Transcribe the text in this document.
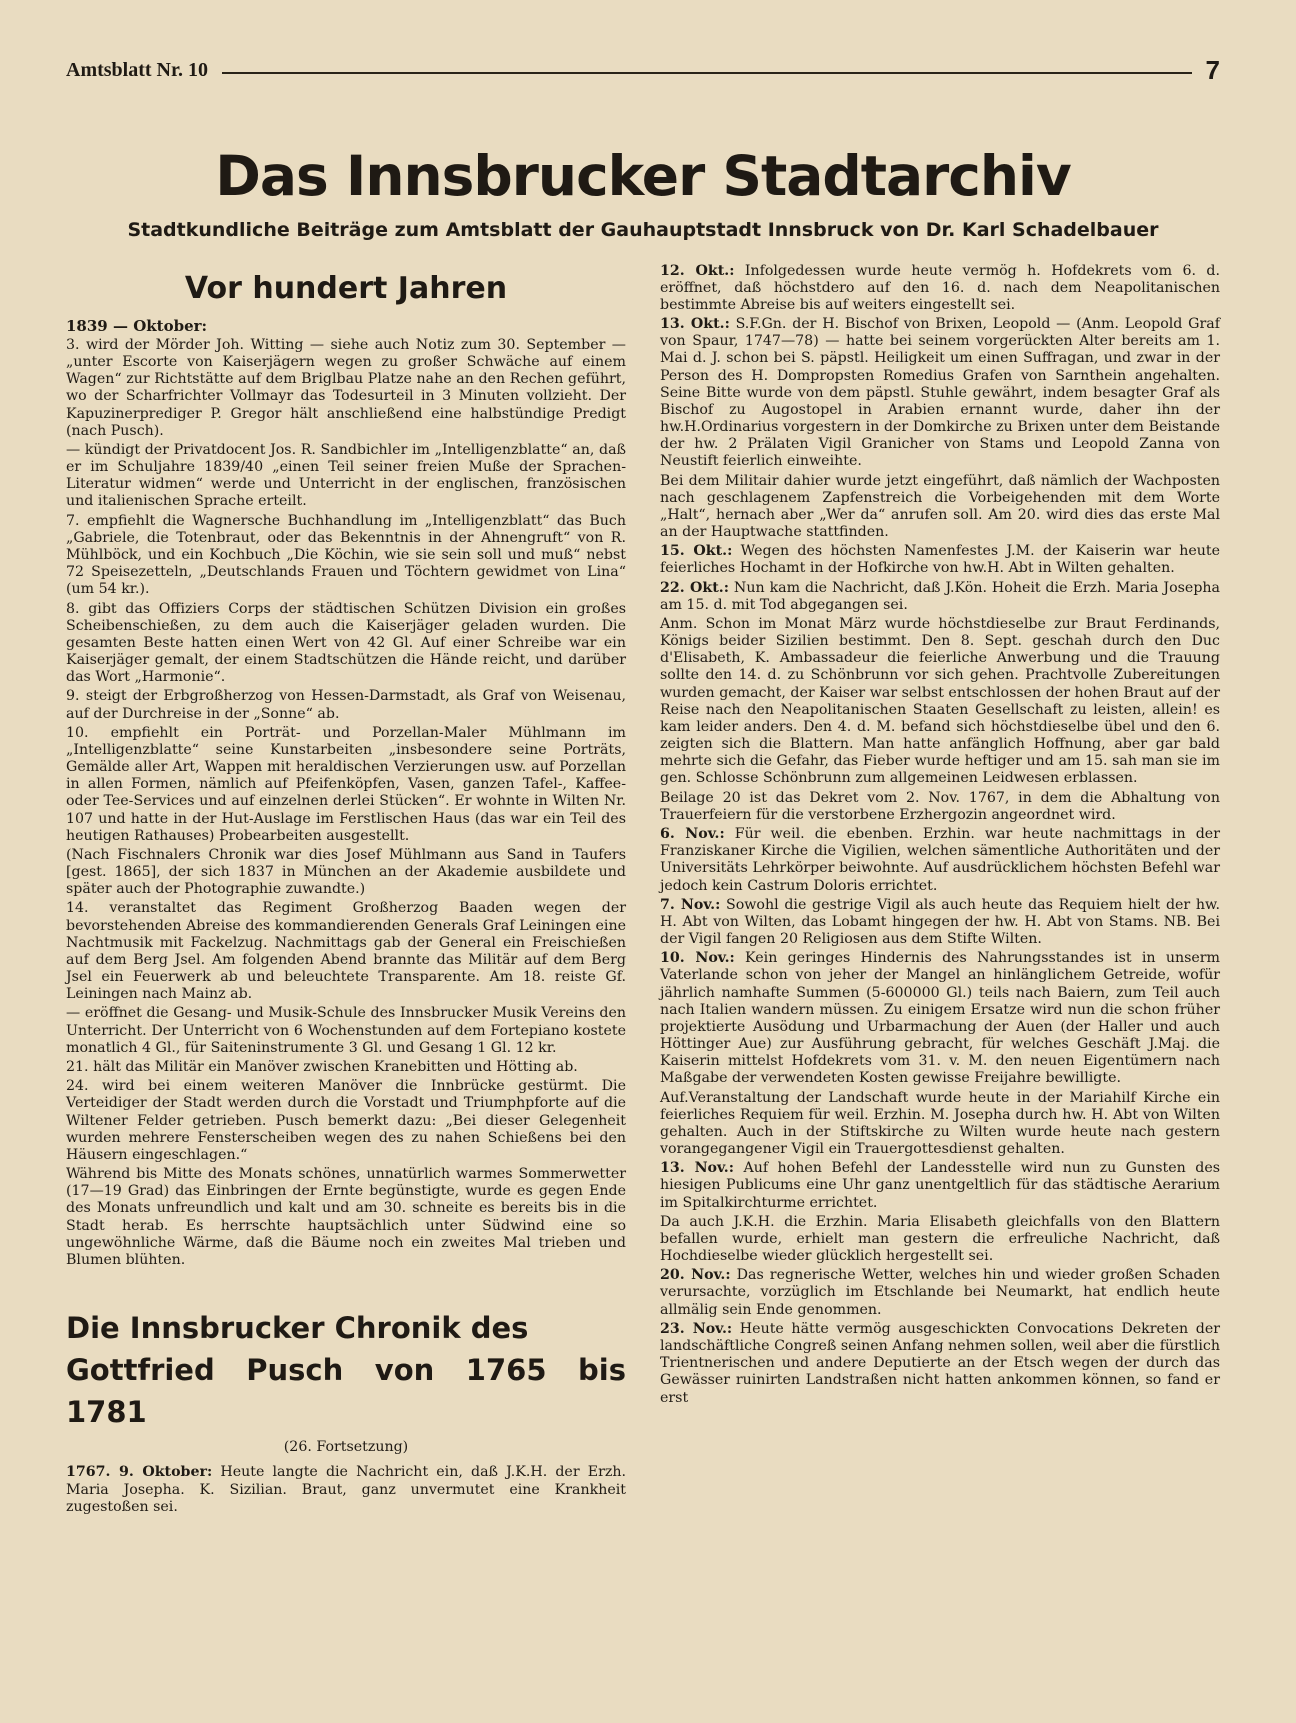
Amtsblatt Nr. 10	7
Das Innsbrucker Stadtarchiv
Stadtkundliche Beiträge zum Amtsblatt der Gauhauptstadt Innsbruck von Dr. Karl Schadelbauer
Vor hundert Jahren
1839 — Oktober:

3. wird der Mörder Joh. Witting — siehe auch Notiz zum 30. September — „unter Escorte von Kaiserjägern wegen zu großer Schwäche auf einem Wagen“ zur Richtstätte auf dem Briglbau Platze nahe an den Rechen geführt, wo der Scharfrichter Vollmayr das Todesurteil in 3 Minuten vollzieht. Der Kapuzinerprediger P. Gregor hält anschließend eine halbstündige Predigt (nach Pusch).

— kündigt der Privatdocent Jos. R. Sandbichler im „Intelligenzblatte“ an, daß er im Schuljahre 1839/40 „einen Teil seiner freien Muße der Sprachen-Literatur widmen“ werde und Unterricht in der englischen, französischen und italienischen Sprache erteilt.

7. empfiehlt die Wagnersche Buchhandlung im „Intelligenzblatt“ das Buch „Gabriele, die Totenbraut, oder das Bekenntnis in der Ahnengruft“ von R. Mühlböck, und ein Kochbuch „Die Köchin, wie sie sein soll und muß“ nebst 72 Speisezetteln, „Deutschlands Frauen und Töchtern gewidmet von Lina“ (um 54 kr.).

8. gibt das Offiziers Corps der städtischen Schützen Division ein großes Scheibenschießen, zu dem auch die Kaiserjäger geladen wurden. Die gesamten Beste hatten einen Wert von 42 Gl. Auf einer Schreibe war ein Kaiserjäger gemalt, der einem Stadtschützen die Hände reicht, und darüber das Wort „Harmonie“.

9. steigt der Erbgroßherzog von Hessen-Darmstadt, als Graf von Weisenau, auf der Durchreise in der „Sonne“ ab.

10. empfiehlt ein Porträt- und Porzellan-Maler Mühlmann im „Intelligenzblatte“ seine Kunstarbeiten „insbesondere seine Porträts, Gemälde aller Art, Wappen mit heraldischen Verzierungen usw. auf Porzellan in allen Formen, nämlich auf Pfeifenköpfen, Vasen, ganzen Tafel-, Kaffee- oder Tee-Services und auf einzelnen derlei Stücken“. Er wohnte in Wilten Nr. 107 und hatte in der Hut-Auslage im Ferstlischen Haus (das war ein Teil des heutigen Rathauses) Probearbeiten ausgestellt.

(Nach Fischnalers Chronik war dies Josef Mühlmann aus Sand in Taufers [gest. 1865], der sich 1837 in München an der Akademie ausbildete und später auch der Photographie zuwandte.)

14. veranstaltet das Regiment Großherzog Baaden wegen der bevorstehenden Abreise des kommandierenden Generals Graf Leiningen eine Nachtmusik mit Fackelzug. Nachmittags gab der General ein Freischießen auf dem Berg Jsel. Am folgenden Abend brannte das Militär auf dem Berg Jsel ein Feuerwerk ab und beleuchtete Transparente. Am 18. reiste Gf. Leiningen nach Mainz ab.

— eröffnet die Gesang- und Musik-Schule des Innsbrucker Musik Vereins den Unterricht. Der Unterricht von 6 Wochenstunden auf dem Fortepiano kostete monatlich 4 Gl., für Saiteninstrumente 3 Gl. und Gesang 1 Gl. 12 kr.

21. hält das Militär ein Manöver zwischen Kranebitten und Hötting ab.

24. wird bei einem weiteren Manöver die Innbrücke gestürmt. Die Verteidiger der Stadt werden durch die Vorstadt und Triumphpforte auf die Wiltener Felder getrieben. Pusch bemerkt dazu: „Bei dieser Gelegenheit wurden mehrere Fensterscheiben wegen des zu nahen Schießens bei den Häusern eingeschlagen.“

Während bis Mitte des Monats schönes, unnatürlich warmes Sommerwetter (17—19 Grad) das Einbringen der Ernte begünstigte, wurde es gegen Ende des Monats unfreundlich und kalt und am 30. schneite es bereits bis in die Stadt herab. Es herrschte hauptsächlich unter Südwind eine so ungewöhnliche Wärme, daß die Bäume noch ein zweites Mal trieben und Blumen blühten.

Die Innsbrucker Chronik des
Gottfried Pusch von 1765 bis 1781

(26. Fortsetzung)

1767. 9. Oktober: Heute langte die Nachricht ein, daß J.K.H. der Erzh. Maria Josepha. K. Sizilian. Braut, ganz unvermutet eine Krankheit zugestoßen sei.

12. Okt.: Infolgedessen wurde heute vermög h. Hofdekrets vom 6. d. eröffnet, daß höchstdero auf den 16. d. nach dem Neapolitanischen bestimmte Abreise bis auf weiters eingestellt sei.

13. Okt.: S.F.Gn. der H. Bischof von Brixen, Leopold — (Anm. Leopold Graf von Spaur, 1747—78) — hatte bei seinem vorgerückten Alter bereits am 1. Mai d. J. schon bei S. päpstl. Heiligkeit um einen Suffragan, und zwar in der Person des H. Dompropsten Romedius Grafen von Sarnthein angehalten. Seine Bitte wurde von dem päpstl. Stuhle gewährt, indem besagter Graf als Bischof zu Augostopel in Arabien ernannt wurde, daher ihn der hw.H.Ordinarius vorgestern in der Domkirche zu Brixen unter dem Beistande der hw. 2 Prälaten Vigil Granicher von Stams und Leopold Zanna von Neustift feierlich einweihte.

Bei dem Militair dahier wurde jetzt eingeführt, daß nämlich der Wachposten nach geschlagenem Zapfenstreich die Vorbeigehenden mit dem Worte „Halt“, hernach aber „Wer da“ anrufen soll. Am 20. wird dies das erste Mal an der Hauptwache stattfinden.

15. Okt.: Wegen des höchsten Namenfestes J.M. der Kaiserin war heute feierliches Hochamt in der Hofkirche von hw.H. Abt in Wilten gehalten.

22. Okt.: Nun kam die Nachricht, daß J.Kön. Hoheit die Erzh. Maria Josepha am 15. d. mit Tod abgegangen sei.

Anm. Schon im Monat März wurde höchstdieselbe zur Braut Ferdinands, Königs beider Sizilien bestimmt. Den 8. Sept. geschah durch den Duc d'Elisabeth, K. Ambassadeur die feierliche Anwerbung und die Trauung sollte den 14. d. zu Schönbrunn vor sich gehen. Prachtvolle Zubereitungen wurden gemacht, der Kaiser war selbst entschlossen der hohen Braut auf der Reise nach den Neapolitanischen Staaten Gesellschaft zu leisten, allein! es kam leider anders. Den 4. d. M. befand sich höchstdieselbe übel und den 6. zeigten sich die Blattern. Man hatte anfänglich Hoffnung, aber gar bald mehrte sich die Gefahr, das Fieber wurde heftiger und am 15. sah man sie im gen. Schlosse Schönbrunn zum allgemeinen Leidwesen erblassen.

Beilage 20 ist das Dekret vom 2. Nov. 1767, in dem die Abhaltung von Trauerfeiern für die verstorbene Erzhergozin angeordnet wird.

6. Nov.: Für weil. die ebenben. Erzhin. war heute nachmittags in der Franziskaner Kirche die Vigilien, welchen sämentliche Authoritäten und der Universitäts Lehrkörper beiwohnte. Auf ausdrücklichem höchsten Befehl war jedoch kein Castrum Doloris errichtet.

7. Nov.: Sowohl die gestrige Vigil als auch heute das Requiem hielt der hw. H. Abt von Wilten, das Lobamt hingegen der hw. H. Abt von Stams. NB. Bei der Vigil fangen 20 Religiosen aus dem Stifte Wilten.

10. Nov.: Kein geringes Hindernis des Nahrungsstandes ist in unserm Vaterlande schon von jeher der Mangel an hinlänglichem Getreide, wofür jährlich namhafte Summen (5-600000 Gl.) teils nach Baiern, zum Teil auch nach Italien wandern müssen. Zu einigem Ersatze wird nun die schon früher projektierte Ausödung und Urbarmachung der Auen (der Haller und auch Höttinger Aue) zur Ausführung gebracht, für welches Geschäft J.Maj. die Kaiserin mittelst Hofdekrets vom 31. v. M. den neuen Eigentümern nach Maßgabe der verwendeten Kosten gewisse Freijahre bewilligte.

Auf.Veranstaltung der Landschaft wurde heute in der Mariahilf Kirche ein feierliches Requiem für weil. Erzhin. M. Josepha durch hw. H. Abt von Wilten gehalten. Auch in der Stiftskirche zu Wilten wurde heute nach gestern vorangegangener Vigil ein Trauergottesdienst gehalten.

13. Nov.: Auf hohen Befehl der Landesstelle wird nun zu Gunsten des hiesigen Publicums eine Uhr ganz unentgeltlich für das städtische Aerarium im Spitalkirchturme errichtet.

Da auch J.K.H. die Erzhin. Maria Elisabeth gleichfalls von den Blattern befallen wurde, erhielt man gestern die erfreuliche Nachricht, daß Hochdieselbe wieder glücklich hergestellt sei.

20. Nov.: Das regnerische Wetter, welches hin und wieder großen Schaden verursachte, vorzüglich im Etschlande bei Neumarkt, hat endlich heute allmälig sein Ende genommen.

23. Nov.: Heute hätte vermög ausgeschickten Convocations Dekreten der landschäftliche Congreß seinen Anfang nehmen sollen, weil aber die fürstlich Trientnerischen und andere Deputierte an der Etsch wegen der durch das Gewässer ruinirten Landstraßen nicht hatten ankommen können, so fand er erst
